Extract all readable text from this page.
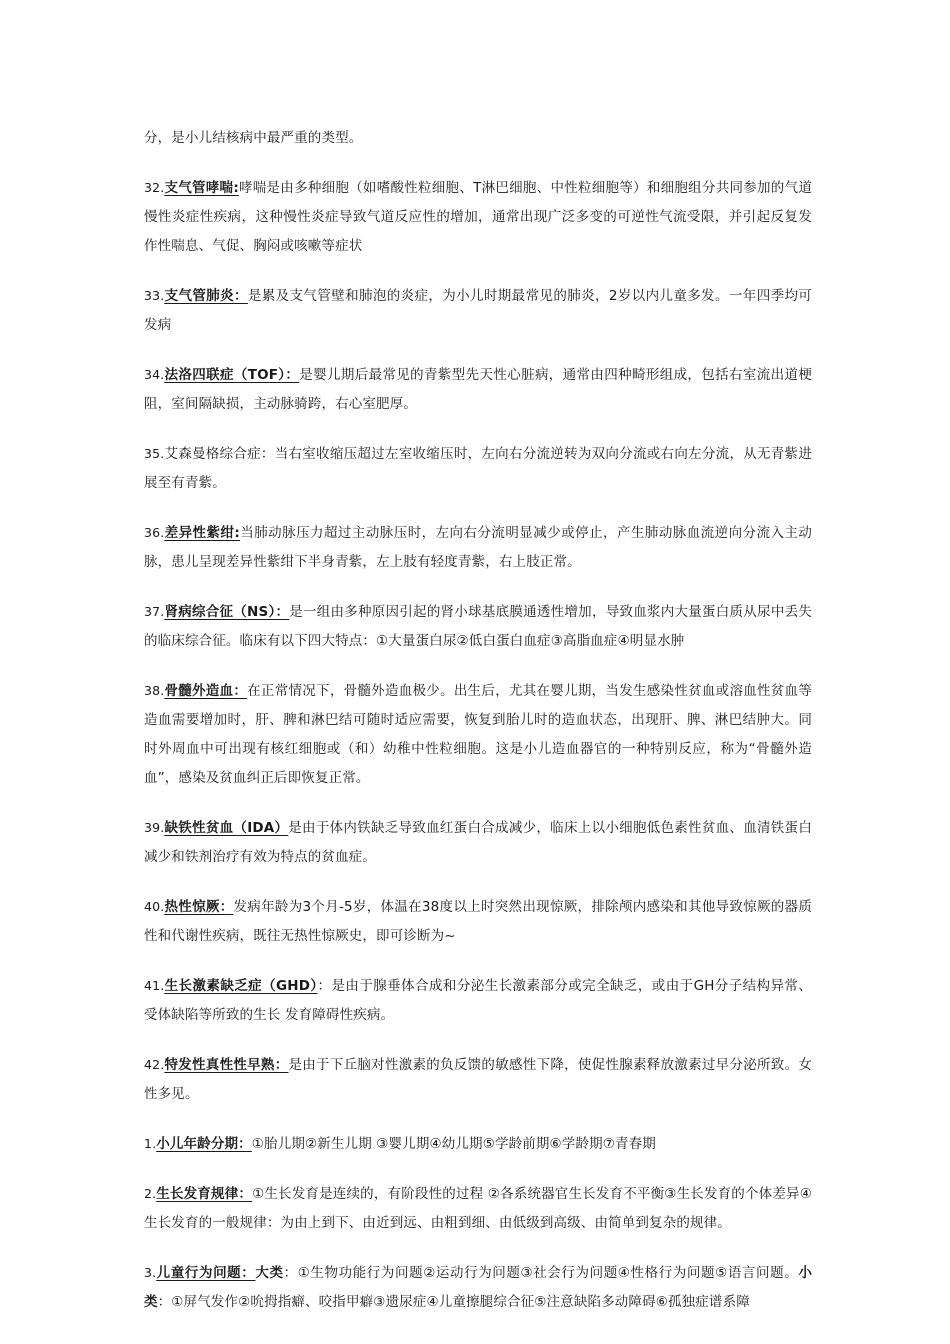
分，是小儿结核病中最严重的类型。

32.支气管哮喘:哮喘是由多种细胞（如嗜酸性粒细胞、T淋巴细胞、中性粒细胞等）和细胞组分共同参加的气道慢性炎症性疾病，这种慢性炎症导致气道反应性的增加，通常出现广泛多变的可逆性气流受限，并引起反复发作性喘息、气促、胸闷或咳嗽等症状

33.支气管肺炎：是累及支气管壁和肺泡的炎症，为小儿时期最常见的肺炎，2岁以内儿童多发。一年四季均可发病

34.法洛四联症（TOF）：是婴儿期后最常见的青紫型先天性心脏病，通常由四种畸形组成，包括右室流出道梗阻，室间隔缺损，主动脉骑跨，右心室肥厚。

35.艾森曼格综合症：当右室收缩压超过左室收缩压时，左向右分流逆转为双向分流或右向左分流，从无青紫进展至有青紫。

36.差异性紫绀:当肺动脉压力超过主动脉压时，左向右分流明显减少或停止，产生肺动脉血流逆向分流入主动脉，患儿呈现差异性紫绀下半身青紫，左上肢有轻度青紫，右上肢正常。

37.肾病综合征（NS）：是一组由多种原因引起的肾小球基底膜通透性增加，导致血浆内大量蛋白质从尿中丢失的临床综合征。临床有以下四大特点：①大量蛋白尿②低白蛋白血症③高脂血症④明显水肿

38.骨髓外造血：在正常情况下，骨髓外造血极少。出生后，尤其在婴儿期，当发生感染性贫血或溶血性贫血等造血需要增加时，肝、脾和淋巴结可随时适应需要，恢复到胎儿时的造血状态，出现肝、脾、淋巴结肿大。同时外周血中可出现有核红细胞或（和）幼稚中性粒细胞。这是小儿造血器官的一种特别反应，称为“骨髓外造血”，感染及贫血纠正后即恢复正常。

39.缺铁性贫血（IDA）是由于体内铁缺乏导致血红蛋白合成减少，临床上以小细胞低色素性贫血、血清铁蛋白减少和铁剂治疗有效为特点的贫血症。

40.热性惊厥：发病年龄为3个月-5岁，体温在38度以上时突然出现惊厥，排除颅内感染和其他导致惊厥的器质性和代谢性疾病，既往无热性惊厥史，即可诊断为~

41.生长激素缺乏症（GHD）：是由于腺垂体合成和分泌生长激素部分或完全缺乏，或由于GH分子结构异常、受体缺陷等所致的生长 发育障碍性疾病。

42.特发性真性性早熟：是由于下丘脑对性激素的负反馈的敏感性下降，使促性腺素释放激素过早分泌所致。女性多见。

1.小儿年龄分期：①胎儿期②新生儿期 ③婴儿期④幼儿期⑤学龄前期⑥学龄期⑦青春期

2.生长发育规律：①生长发育是连续的，有阶段性的过程 ②各系统器官生长发育不平衡③生长发育的个体差异④生长发育的一般规律：为由上到下、由近到远、由粗到细、由低级到高级、由简单到复杂的规律。

3.儿童行为问题：大类：①生物功能行为问题②运动行为问题③社会行为问题④性格行为问题⑤语言问题。小类：①屏气发作②吮拇指癖、咬指甲癖③遗尿症④儿童擦腿综合征⑤注意缺陷多动障碍⑥孤独症谱系障
